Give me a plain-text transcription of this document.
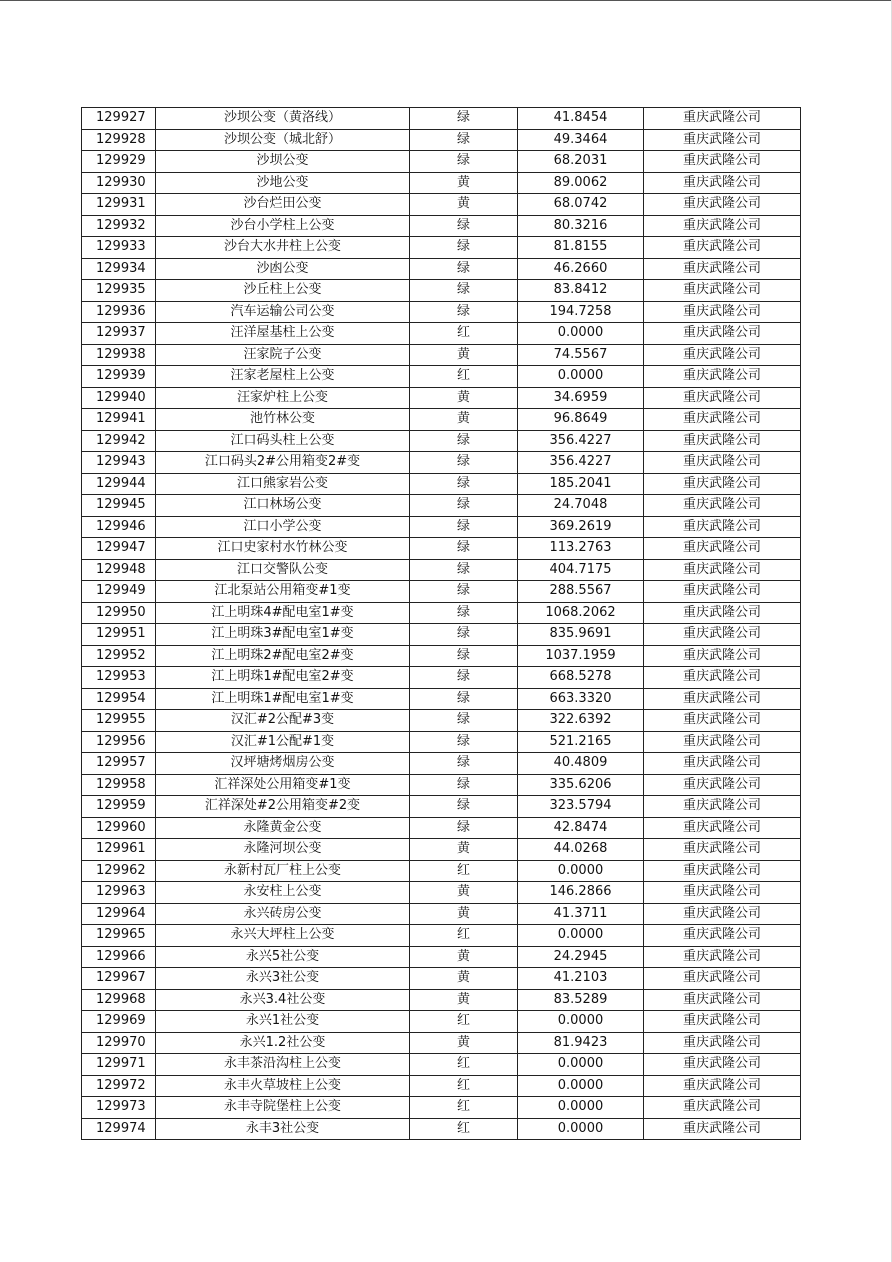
129927	沙坝公变（黄洛线）	绿	41.8454	重庆武隆公司
129928	沙坝公变（城北舒）	绿	49.3464	重庆武隆公司
129929	沙坝公变	绿	68.2031	重庆武隆公司
129930	沙地公变	黄	89.0062	重庆武隆公司
129931	沙台烂田公变	黄	68.0742	重庆武隆公司
129932	沙台小学柱上公变	绿	80.3216	重庆武隆公司
129933	沙台大水井柱上公变	绿	81.8155	重庆武隆公司
129934	沙凼公变	绿	46.2660	重庆武隆公司
129935	沙丘柱上公变	绿	83.8412	重庆武隆公司
129936	汽车运输公司公变	绿	194.7258	重庆武隆公司
129937	汪洋屋基柱上公变	红	0.0000	重庆武隆公司
129938	汪家院子公变	黄	74.5567	重庆武隆公司
129939	汪家老屋柱上公变	红	0.0000	重庆武隆公司
129940	汪家炉柱上公变	黄	34.6959	重庆武隆公司
129941	池竹林公变	黄	96.8649	重庆武隆公司
129942	江口码头柱上公变	绿	356.4227	重庆武隆公司
129943	江口码头2#公用箱变2#变	绿	356.4227	重庆武隆公司
129944	江口熊家岩公变	绿	185.2041	重庆武隆公司
129945	江口林场公变	绿	24.7048	重庆武隆公司
129946	江口小学公变	绿	369.2619	重庆武隆公司
129947	江口史家村水竹林公变	绿	113.2763	重庆武隆公司
129948	江口交警队公变	绿	404.7175	重庆武隆公司
129949	江北泵站公用箱变#1变	绿	288.5567	重庆武隆公司
129950	江上明珠4#配电室1#变	绿	1068.2062	重庆武隆公司
129951	江上明珠3#配电室1#变	绿	835.9691	重庆武隆公司
129952	江上明珠2#配电室2#变	绿	1037.1959	重庆武隆公司
129953	江上明珠1#配电室2#变	绿	668.5278	重庆武隆公司
129954	江上明珠1#配电室1#变	绿	663.3320	重庆武隆公司
129955	汉汇#2公配#3变	绿	322.6392	重庆武隆公司
129956	汉汇#1公配#1变	绿	521.2165	重庆武隆公司
129957	汉坪塘烤烟房公变	绿	40.4809	重庆武隆公司
129958	汇祥深处公用箱变#1变	绿	335.6206	重庆武隆公司
129959	汇祥深处#2公用箱变#2变	绿	323.5794	重庆武隆公司
129960	永隆黄金公变	绿	42.8474	重庆武隆公司
129961	永隆河坝公变	黄	44.0268	重庆武隆公司
129962	永新村瓦厂柱上公变	红	0.0000	重庆武隆公司
129963	永安柱上公变	黄	146.2866	重庆武隆公司
129964	永兴砖房公变	黄	41.3711	重庆武隆公司
129965	永兴大坪柱上公变	红	0.0000	重庆武隆公司
129966	永兴5社公变	黄	24.2945	重庆武隆公司
129967	永兴3社公变	黄	41.2103	重庆武隆公司
129968	永兴3.4社公变	黄	83.5289	重庆武隆公司
129969	永兴1社公变	红	0.0000	重庆武隆公司
129970	永兴1.2社公变	黄	81.9423	重庆武隆公司
129971	永丰茶沿沟柱上公变	红	0.0000	重庆武隆公司
129972	永丰火草坡柱上公变	红	0.0000	重庆武隆公司
129973	永丰寺院堡柱上公变	红	0.0000	重庆武隆公司
129974	永丰3社公变	红	0.0000	重庆武隆公司
